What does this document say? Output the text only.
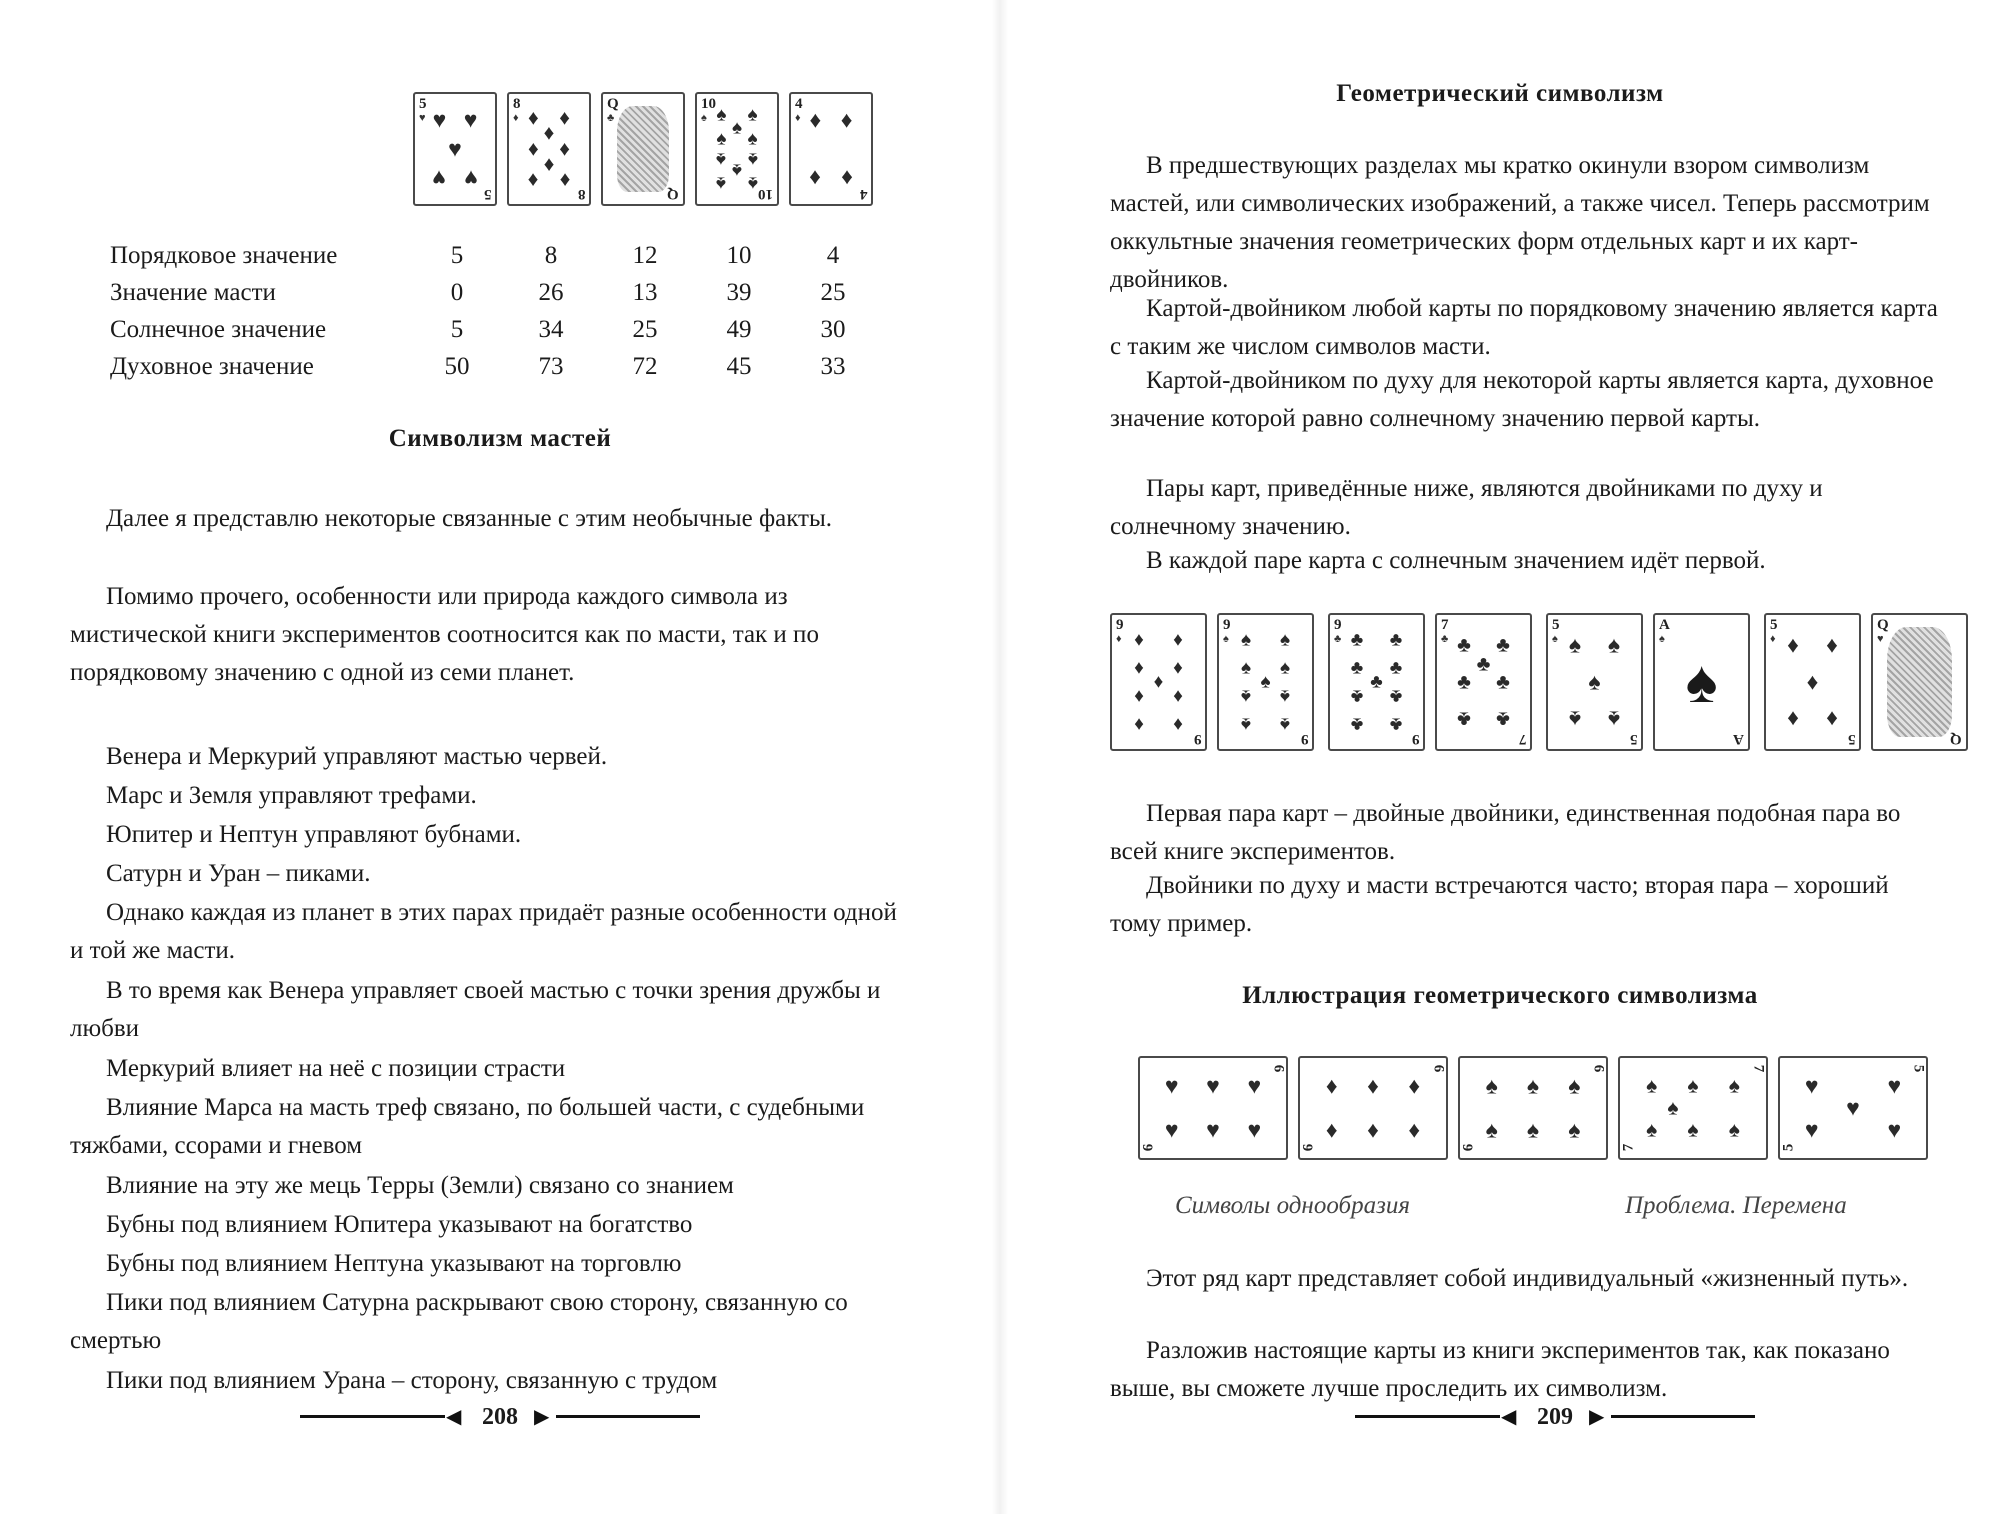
5
5
♥ ♥ ♥
♥
♥ ♥
8
8
♦ ♦ ♦
♦
♦ ♦
♦
♦ ♦
Q
Q
♣
10
10
♠ ♠ ♠
♠
♠ ♠
♠ ♠
♠
♠ ♠
4
4
♦ ♦ ♦
♦ ♦
Порядковое значение	5	8	12	10	4
Значение масти	0	26	13	39	25
Солнечное значение	5	34	25	49	30
Духовное значение	50	73	72	45	33
Символизм мастей
Далее я представлю некоторые связанные с этим необычные факты.
Помимо прочего, особенности или природа каждого символа из мистической книги экспериментов соотносится как по масти, так и по порядковому значению с одной из семи планет.
Венера и Меркурий управляют мастью червей.
Марс и Земля управляют трефами.
Юпитер и Нептун управляют бубнами.
Сатурн и Уран – пиками.
Однако каждая из планет в этих парах придаёт разные особенности одной и той же масти.
В то время как Венера управляет своей мастью с точки зрения дружбы и любви
Меркурий влияет на неё с позиции страсти
Влияние Марса на масть треф связано, по большей части, с судебными тяжбами, ссорами и гневом
Влияние на эту же мець Терры (Земли) связано со знанием
Бубны под влиянием Юпитера указывают на богатство
Бубны под влиянием Нептуна указывают на торговлю
Пики под влиянием Сатурна раскрывают свою сторону, связанную со смертью
Пики под влиянием Урана – сторону, связанную с трудом
◀ 208 ▶
Геометрический символизм
В предшествующих разделах мы кратко окинули взором символизм мастей, или символических изображений, а также чисел. Теперь рассмотрим оккультные значения геометрических форм отдельных карт и их карт-двойников.
Картой-двойником любой карты по порядковому значению является карта с таким же числом символов масти.
Картой-двойником по духу для некоторой карты является карта, духовное значение которой равно солнечному значению первой карты.
Пары карт, приведённые ниже, являются двойниками по духу и солнечному значению.
В каждой паре карта с солнечным значением идёт первой.
9
9
♦ ♦ ♦
♦ ♦
♦
♦ ♦
♦ ♦
9
9
♠ ♠ ♠
♠ ♠
♠
♠ ♠
♠ ♠
9
9
♣ ♣ ♣
♣ ♣
♣
♣ ♣
♣ ♣
7
7
♣ ♣ ♣
♣
♣ ♣
♣ ♣
5
5
♠ ♠ ♠
♠
♠ ♠
A
A
♠
♠
5
5
♦ ♦ ♦
♦
♦ ♦
Q
Q
♥
Первая пара карт – двойные двойники, единственная подобная пара во всей книге экспериментов.
Двойники по духу и масти встречаются часто; вторая пара – хороший тому пример.
Иллюстрация геометрического символизма
6
6
♥
♥
♥
♥
♥
♥
6
6
♦
♦
♦
♦
♦
♦
6
6
♠
♠
♠
♠
♠
♠
7
7
♠
♠
♠
♠
♠
♠
♠
5
5
♥
♥
♥
♥
♥
Символы однообразия	Проблема. Перемена
Этот ряд карт представляет собой индивидуальный «жизненный путь».
Разложив настоящие карты из книги экспериментов так, как показано выше, вы сможете лучше проследить их символизм.
◀ 209 ▶
